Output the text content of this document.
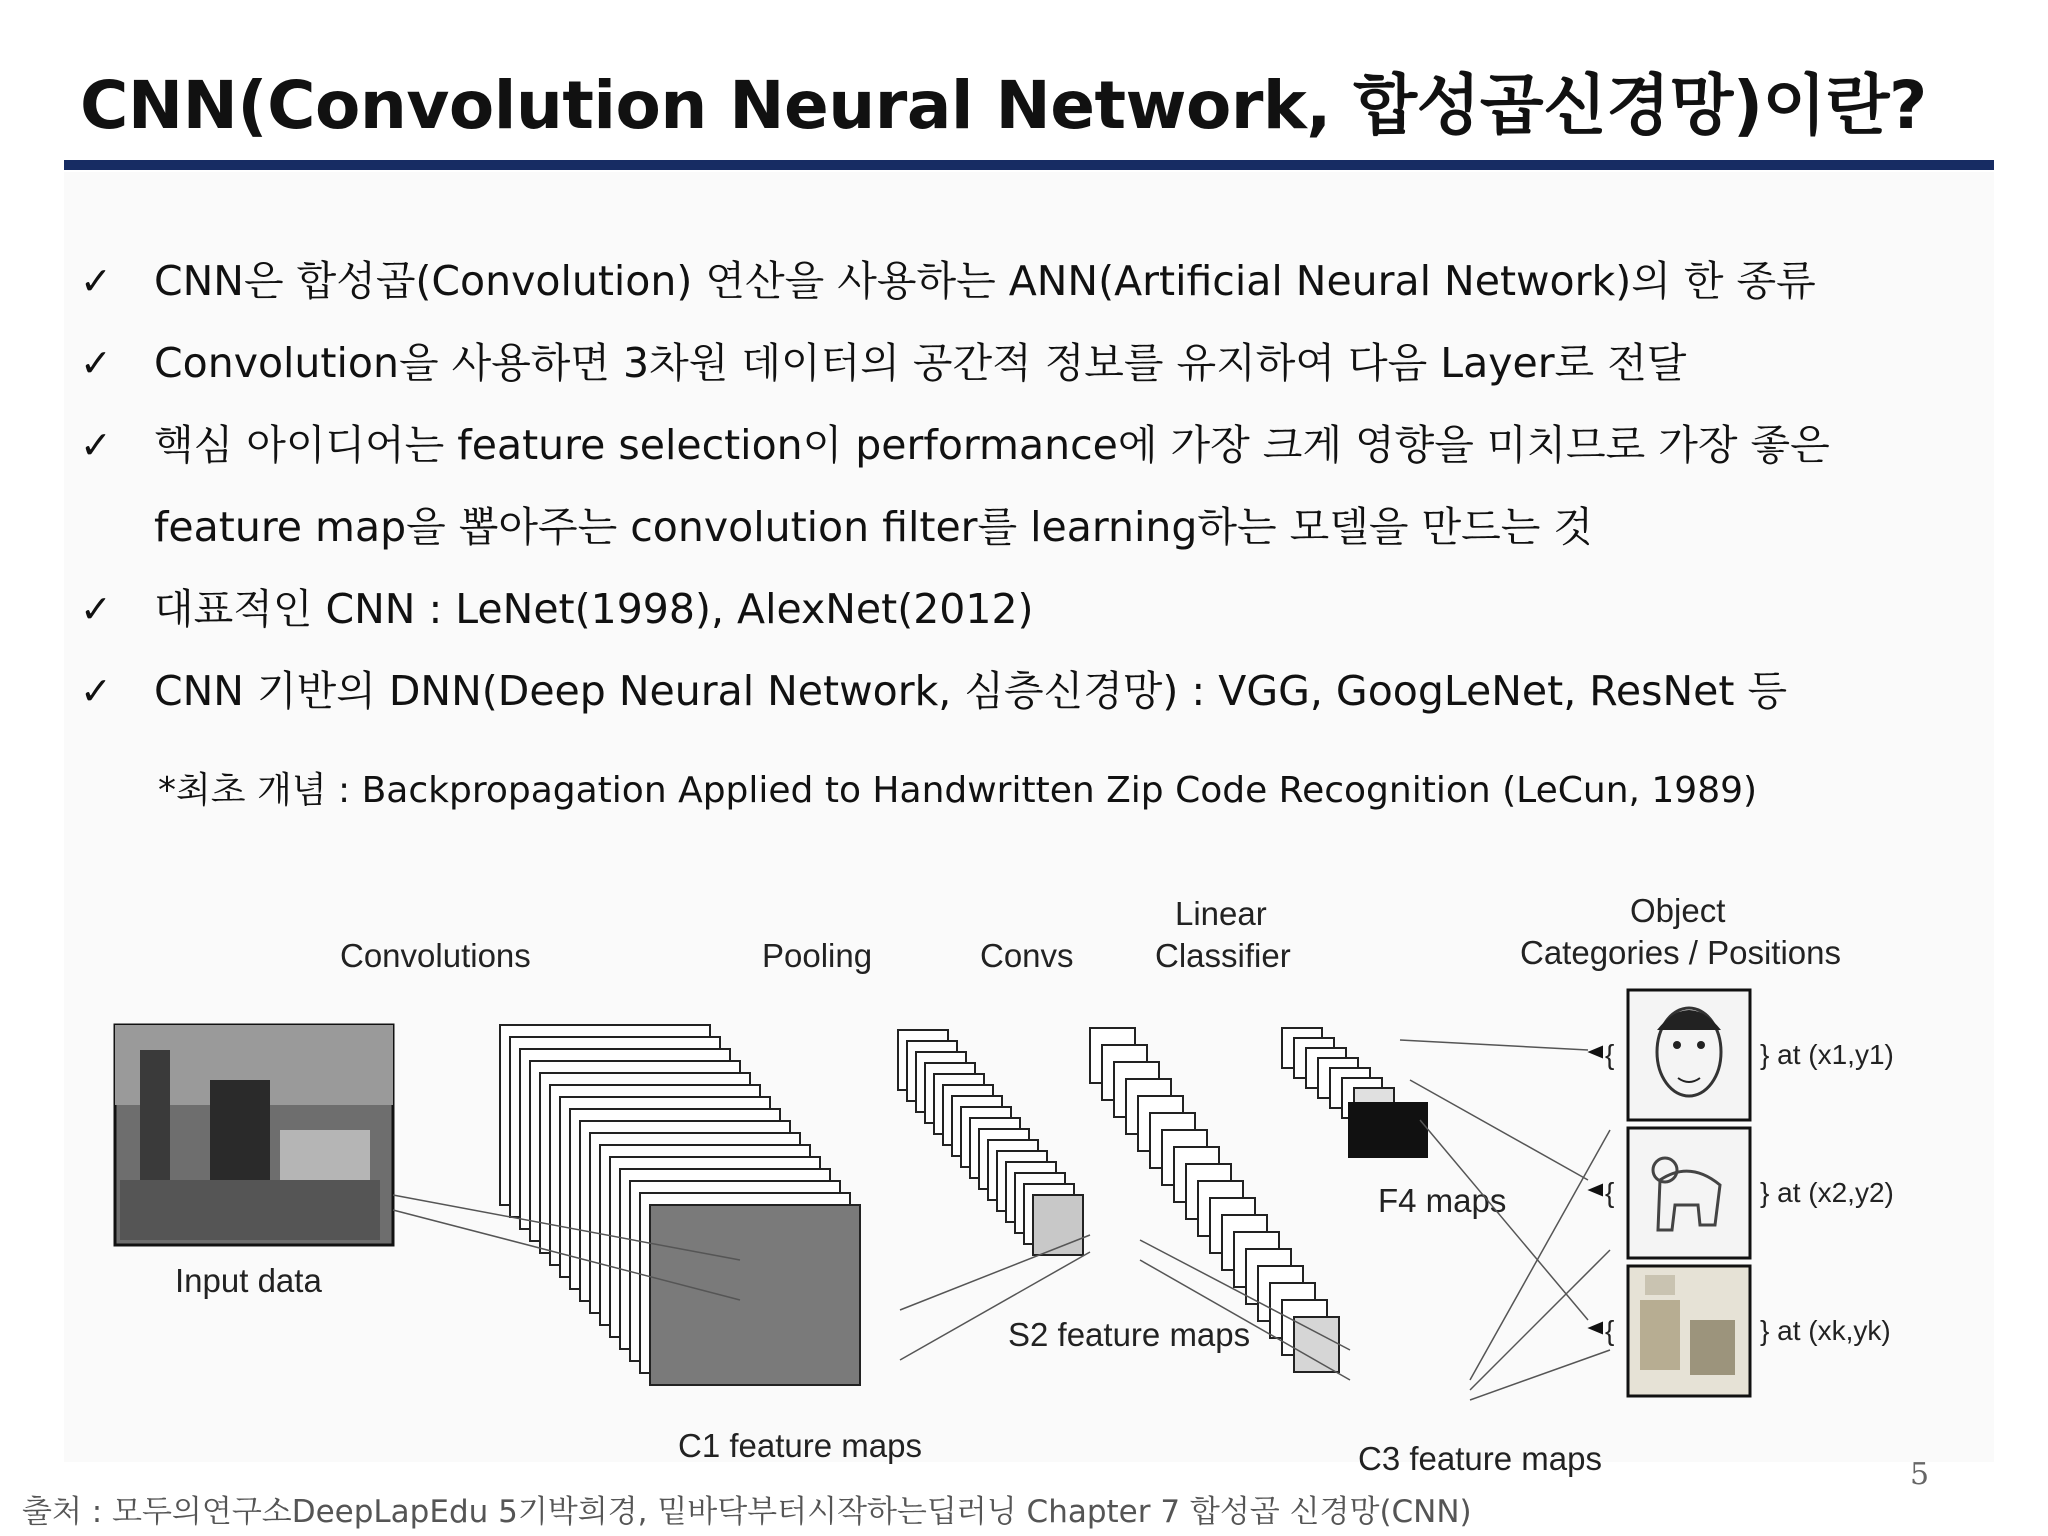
CNN(Convolution Neural Network, 합성곱신경망)이란?
✓	CNN은 합성곱(Convolution) 연산을 사용하는 ANN(Artificial Neural Network)의 한 종류
✓	Convolution을 사용하면 3차원 데이터의 공간적 정보를 유지하여 다음 Layer로 전달
✓	핵심 아이디어는 feature selection이 performance에 가장 크게 영향을 미치므로 가장 좋은 feature map을 뽑아주는 convolution filter를 learning하는 모델을 만드는 것
✓	대표적인 CNN : LeNet(1998), AlexNet(2012)
✓	CNN 기반의 DNN(Deep Neural Network, 심층신경망) : VGG, GoogLeNet, ResNet 등
*최초 개념 : Backpropagation Applied to Handwritten Zip Code Recognition (LeCun, 1989)
Convolutions	Pooling	Convs
Linear
Classifier
Object
Categories / Positions
Input data
C1 feature maps
S2 feature maps
C3 feature maps
F4 maps
{
{
{
} at (x1,y1)
} at (x2,y2)
} at (xk,yk)
출처 : 모두의연구소DeepLapEdu 5기박희경, 밑바닥부터시작하는딥러닝 Chapter 7 합성곱 신경망(CNN)
5
